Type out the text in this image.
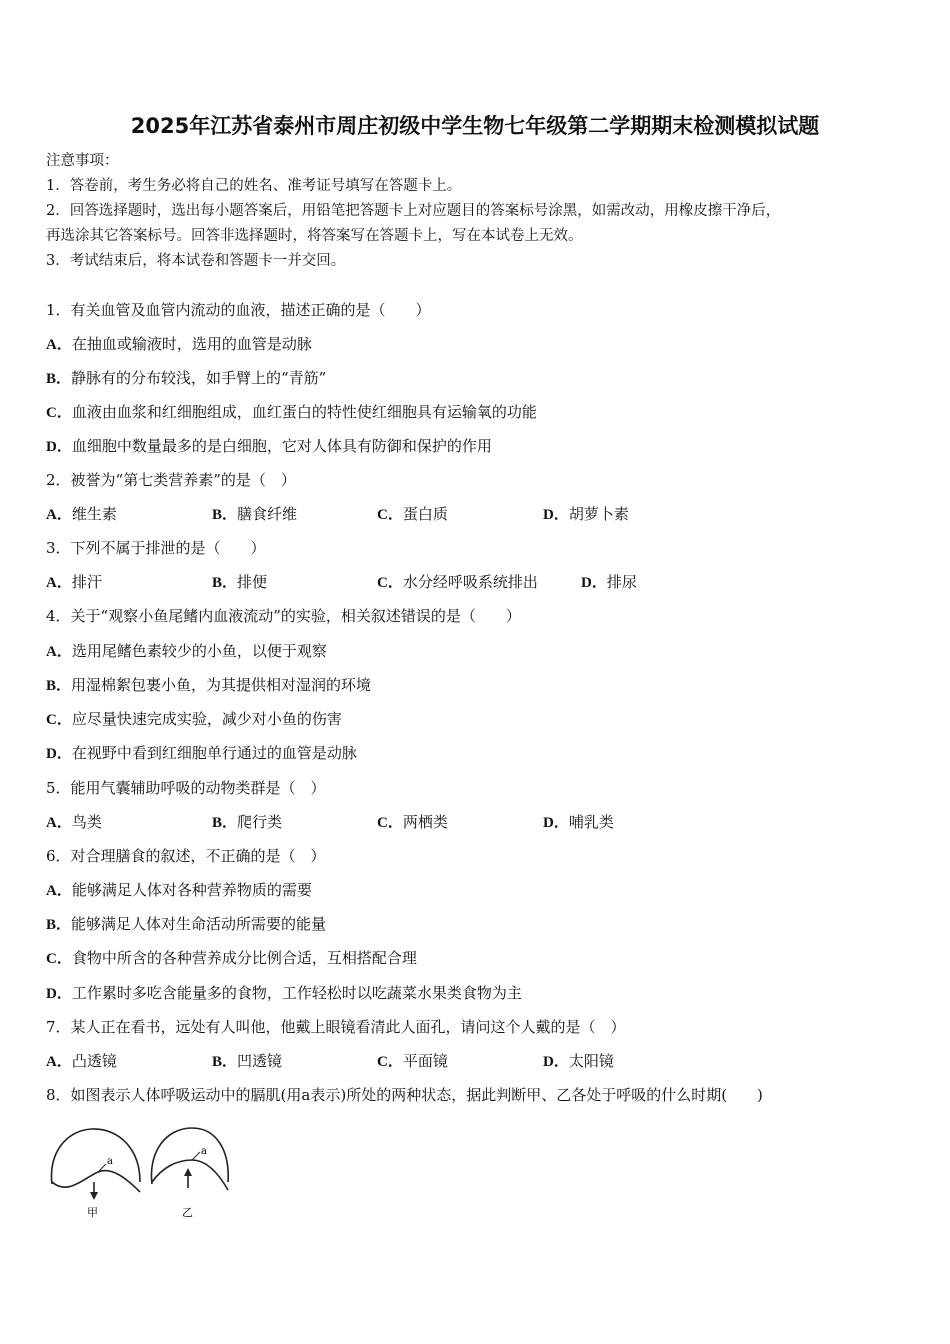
2025年江苏省泰州市周庄初级中学生物七年级第二学期期末检测模拟试题
注意事项：
1．答卷前，考生务必将自己的姓名、准考证号填写在答题卡上。
2．回答选择题时，选出每小题答案后，用铅笔把答题卡上对应题目的答案标号涂黑，如需改动，用橡皮擦干净后，
再选涂其它答案标号。回答非选择题时，将答案写在答题卡上，写在本试卷上无效。
3．考试结束后，将本试卷和答题卡一并交回。
1．有关血管及血管内流动的血液，描述正确的是（　　）
A．在抽血或输液时，选用的血管是动脉
B．静脉有的分布较浅，如手臂上的“青筋”
C．血液由血浆和红细胞组成，血红蛋白的特性使红细胞具有运输氧的功能
D．血细胞中数量最多的是白细胞，它对人体具有防御和保护的作用
2．被誉为“第七类营养素”的是（　）
A．维生素	B．膳食纤维	C．蛋白质	D．胡萝卜素
3．下列不属于排泄的是（　　）
A．排汗	B．排便	C．水分经呼吸系统排出	D．排尿
4．关于“观察小鱼尾鳍内血液流动”的实验，相关叙述错误的是（　　）
A．选用尾鳍色素较少的小鱼，以便于观察
B．用湿棉絮包裹小鱼，为其提供相对湿润的环境
C．应尽量快速完成实验，减少对小鱼的伤害
D．在视野中看到红细胞单行通过的血管是动脉
5．能用气囊辅助呼吸的动物类群是（　）
A．鸟类	B．爬行类	C．两栖类	D．哺乳类
6．对合理膳食的叙述，不正确的是（　）
A．能够满足人体对各种营养物质的需要
B．能够满足人体对生命活动所需要的能量
C．食物中所含的各种营养成分比例合适，互相搭配合理
D．工作累时多吃含能量多的食物，工作轻松时以吃蔬菜水果类食物为主
7．某人正在看书，远处有人叫他，他戴上眼镜看清此人面孔，请问这个人戴的是（　）
A．凸透镜	B．凹透镜	C．平面镜	D．太阳镜
8．如图表示人体呼吸运动中的膈肌(用a表示)所处的两种状态，据此判断甲、乙各处于呼吸的什么时期(　　)
a
甲
a
乙
